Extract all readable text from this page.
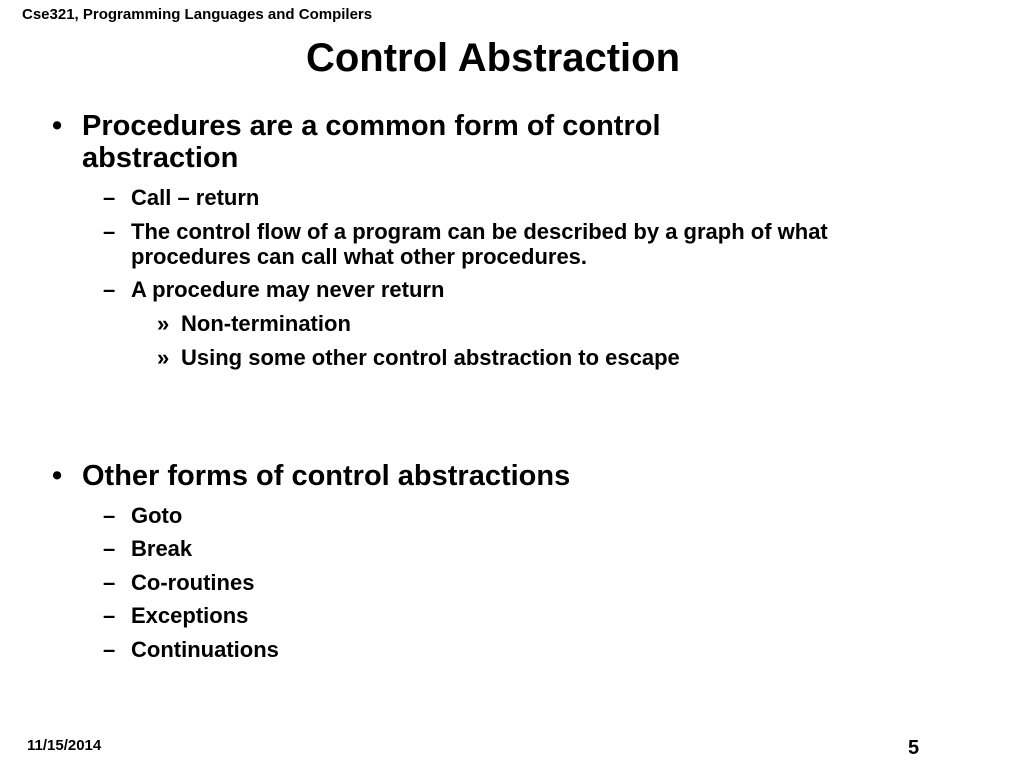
Cse321, Programming Languages and Compilers
Control Abstraction
• Procedures are a common form of control
abstraction
– Call – return
– The control flow of a program can be described by a graph of what
procedures can call what other procedures.
– A procedure may never return
» Non-termination
» Using some other control abstraction to escape
• Other forms of control abstractions
– Goto
– Break
– Co-routines
– Exceptions
– Continuations
11/15/2014	5
